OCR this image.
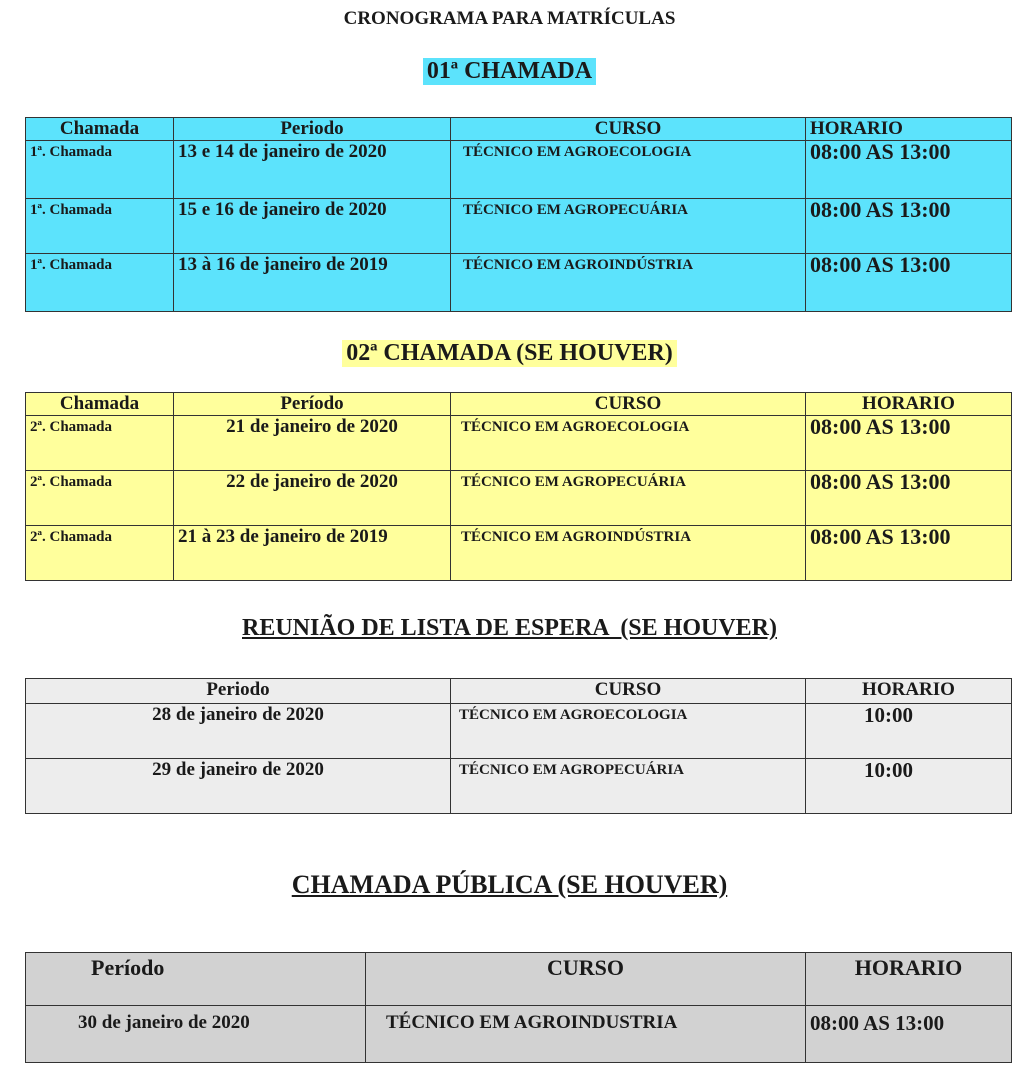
CRONOGRAMA PARA MATRÍCULAS
01ª CHAMADA
Chamada	Periodo	CURSO	HORARIO
1ª. Chamada	13 e 14 de janeiro de 2020	TÉCNICO EM AGROECOLOGIA	08:00 AS 13:00
1ª. Chamada	15 e 16 de janeiro de 2020	TÉCNICO EM AGROPECUÁRIA	08:00 AS 13:00
1ª. Chamada	13 à 16 de janeiro de 2019	TÉCNICO EM AGROINDÚSTRIA	08:00 AS 13:00
02ª CHAMADA (SE HOUVER)
Chamada	Período	CURSO	HORARIO
2ª. Chamada	21 de janeiro de 2020	TÉCNICO EM AGROECOLOGIA	08:00 AS 13:00
2ª. Chamada	22 de janeiro de 2020	TÉCNICO EM AGROPECUÁRIA	08:00 AS 13:00
2ª. Chamada	21 à 23 de janeiro de 2019	TÉCNICO EM AGROINDÚSTRIA	08:00 AS 13:00
REUNIÃO DE LISTA DE ESPERA  (SE HOUVER)
Periodo	CURSO	HORARIO
28 de janeiro de 2020	TÉCNICO EM AGROECOLOGIA	10:00
29 de janeiro de 2020	TÉCNICO EM AGROPECUÁRIA	10:00
CHAMADA PÚBLICA (SE HOUVER)
Período	CURSO	HORARIO
30 de janeiro de 2020	TÉCNICO EM AGROINDUSTRIA	08:00 AS 13:00
